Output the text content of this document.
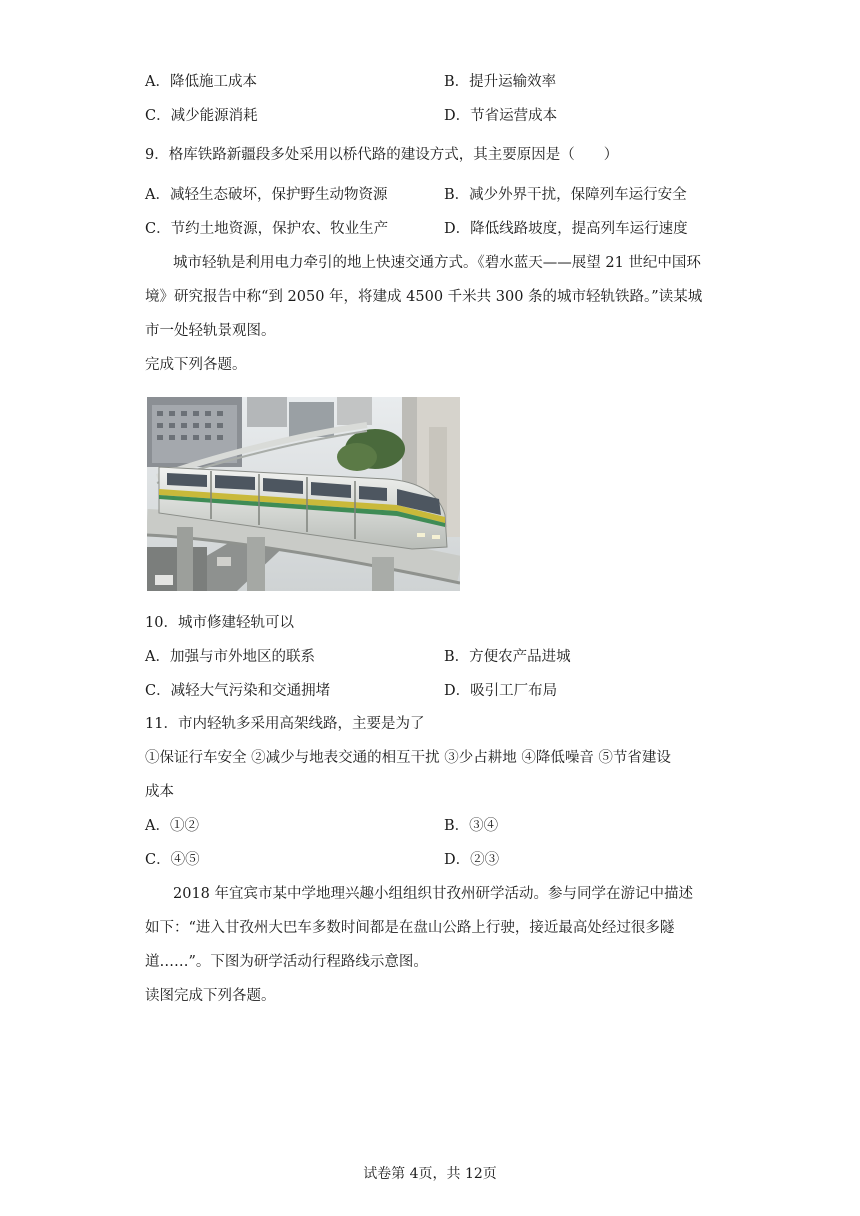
A．降低施工成本	B．提升运输效率
C．减少能源消耗	D．节省运营成本
9．格库铁路新疆段多处采用以桥代路的建设方式，其主要原因是（　　）
A．减轻生态破坏，保护野生动物资源	B．减少外界干扰，保障列车运行安全
C．节约土地资源，保护农、牧业生产	D．降低线路坡度，提高列车运行速度
城市轻轨是利用电力牵引的地上快速交通方式。《碧水蓝天——展望 21 世纪中国环
境》研究报告中称“到 2050 年，将建成 4500 千米共 300 条的城市轻轨铁路。”读某城
市一处轻轨景观图。
完成下列各题。
10．城市修建轻轨可以
A．加强与市外地区的联系	B．方便农产品进城
C．减轻大气污染和交通拥堵	D．吸引工厂布局
11．市内轻轨多采用高架线路，主要是为了
①保证行车安全 ②减少与地表交通的相互干扰 ③少占耕地 ④降低噪音 ⑤节省建设
成本
A．①②	B．③④
C．④⑤	D．②③
2018 年宜宾市某中学地理兴趣小组组织甘孜州研学活动。参与同学在游记中描述
如下：“进入甘孜州大巴车多数时间都是在盘山公路上行驶，接近最高处经过很多隧
道……”。下图为研学活动行程路线示意图。
读图完成下列各题。
试卷第 4页，共 12页
